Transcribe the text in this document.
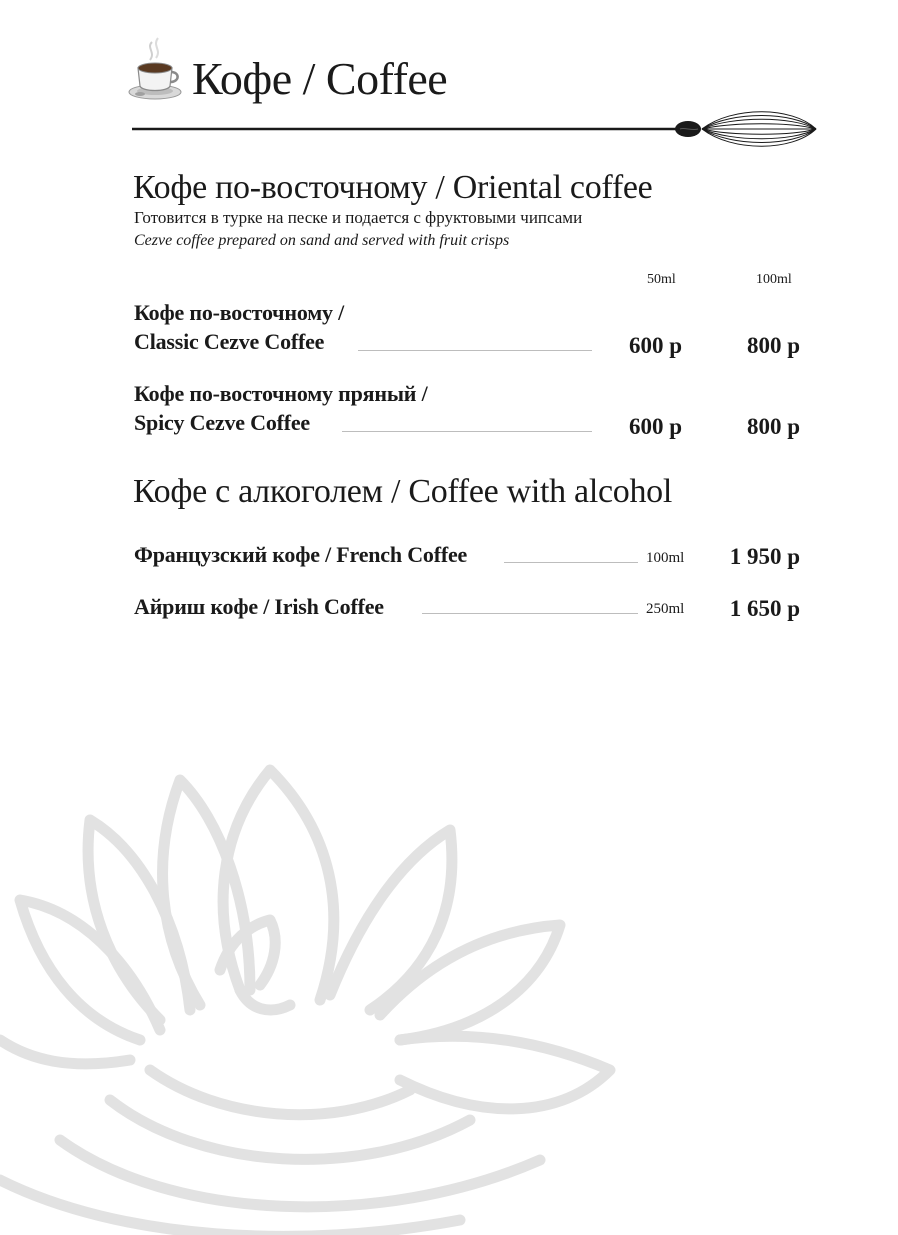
Кофе / Coffee
Кофе по-восточному / Oriental coffee
Готовится в турке на песке и подается с фруктовыми чипсами
Cezve coffee prepared on sand and served with fruit crisps
50ml	100ml
Кофе по-восточному /
Classic Cezve Coffee	600 р	800 р
Кофе по-восточному пряный /
Spicy Cezve Coffee	600 р	800 р
Кофе с алкоголем / Coffee with alcohol
Французский кофе / French Coffee	100ml	1 950 р
Айриш кофе / Irish Coffee	250ml	1 650 р
